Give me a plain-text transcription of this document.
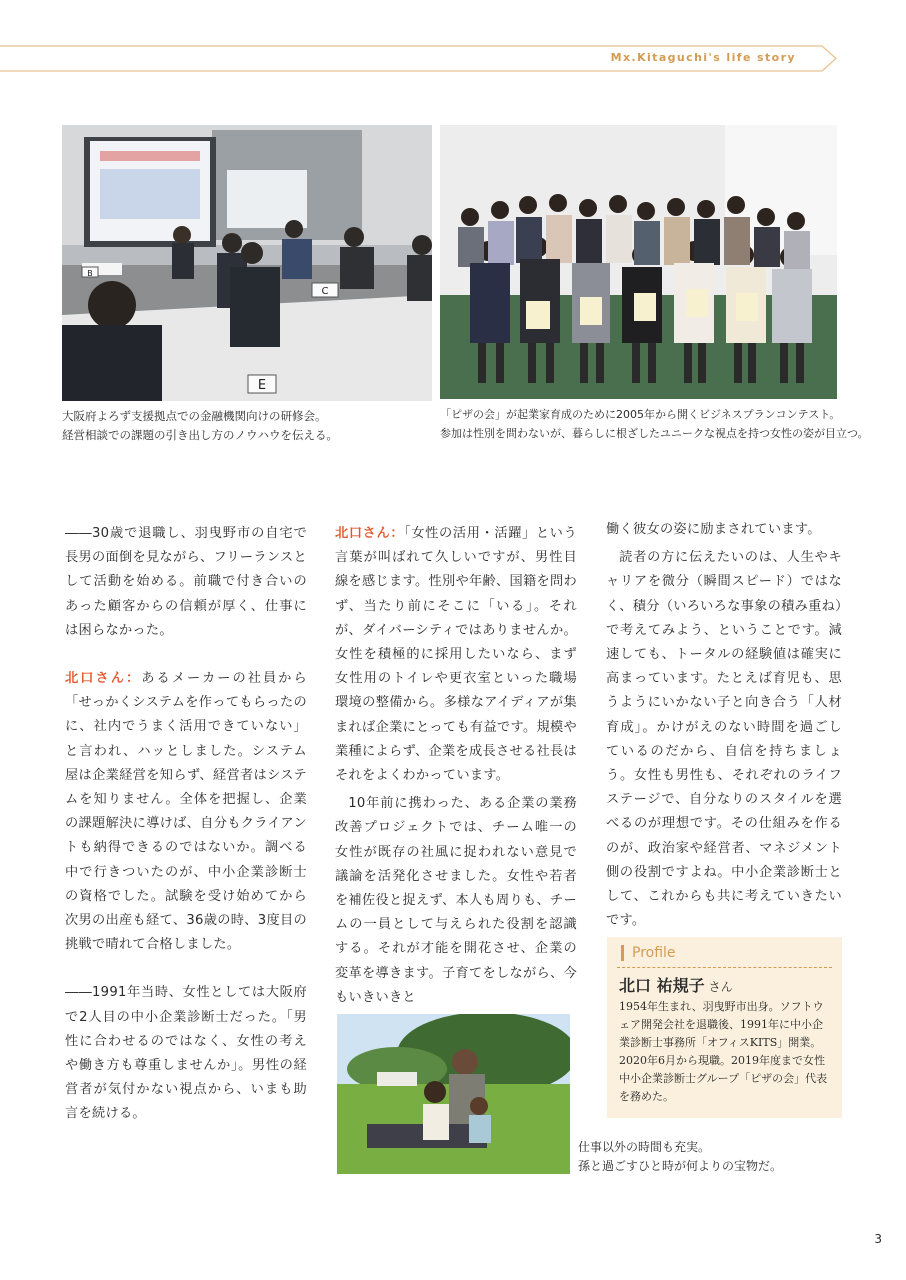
Mx.Kitaguchi's life story
B
C
E
大阪府よろず支援拠点での金融機関向けの研修会。
経営相談での課題の引き出し方のノウハウを伝える。
「ピザの会」が起業家育成のために2005年から開くビジネスプランコンテスト。
参加は性別を問わないが、暮らしに根ざしたユニークな視点を持つ女性の姿が目立つ。

――30歳で退職し、羽曳野市の自宅で長男の面倒を見ながら、フリーランスとして活動を始める。前職で付き合いのあった顧客からの信頼が厚く、仕事には困らなかった。

北口さん：あるメーカーの社員から「せっかくシステムを作ってもらったのに、社内でうまく活用できていない」と言われ、ハッとしました。システム屋は企業経営を知らず、経営者はシステムを知りません。全体を把握し、企業の課題解決に導けば、自分もクライアントも納得できるのではないか。調べる中で行きついたのが、中小企業診断士の資格でした。試験を受け始めてから次男の出産も経て、36歳の時、3度目の挑戦で晴れて合格しました。

――1991年当時、女性としては大阪府で2人目の中小企業診断士だった。「男性に合わせるのではなく、女性の考えや働き方も尊重しませんか」。男性の経営者が気付かない視点から、いまも助言を続ける。

北口さん：「女性の活用・活躍」という言葉が叫ばれて久しいですが、男性目線を感じます。性別や年齢、国籍を問わず、当たり前にそこに「いる」。それが、ダイバーシティではありませんか。女性を積極的に採用したいなら、まず女性用のトイレや更衣室といった職場環境の整備から。多様なアイディアが集まれば企業にとっても有益です。規模や業種によらず、企業を成長させる社長はそれをよくわかっています。

10年前に携わった、ある企業の業務改善プロジェクトでは、チーム唯一の女性が既存の社風に捉われない意見で議論を活発化させました。女性や若者を補佐役と捉えず、本人も周りも、チームの一員として与えられた役割を認識する。それが才能を開花させ、企業の変革を導きます。子育てをしながら、今もいきいきと

働く彼女の姿に励まされています。

読者の方に伝えたいのは、人生やキャリアを微分（瞬間スピード）ではなく、積分（いろいろな事象の積み重ね）で考えてみよう、ということです。減速しても、トータルの経験値は確実に高まっています。たとえば育児も、思うようにいかない子と向き合う「人材育成」。かけがえのない時間を過ごしているのだから、自信を持ちましょう。女性も男性も、それぞれのライフステージで、自分なりのスタイルを選べるのが理想です。その仕組みを作るのが、政治家や経営者、マネジメント側の役割ですよね。中小企業診断士として、これからも共に考えていきたいです。

仕事以外の時間も充実。
孫と過ごすひと時が何よりの宝物だ。
Profile
北口 祐規子 さん
1954年生まれ、羽曳野市出身。ソフトウェア開発会社を退職後、1991年に中小企業診断士事務所「オフィスKITS」開業。2020年6月から現職。2019年度まで女性中小企業診断士グループ「ピザの会」代表を務めた。
3
